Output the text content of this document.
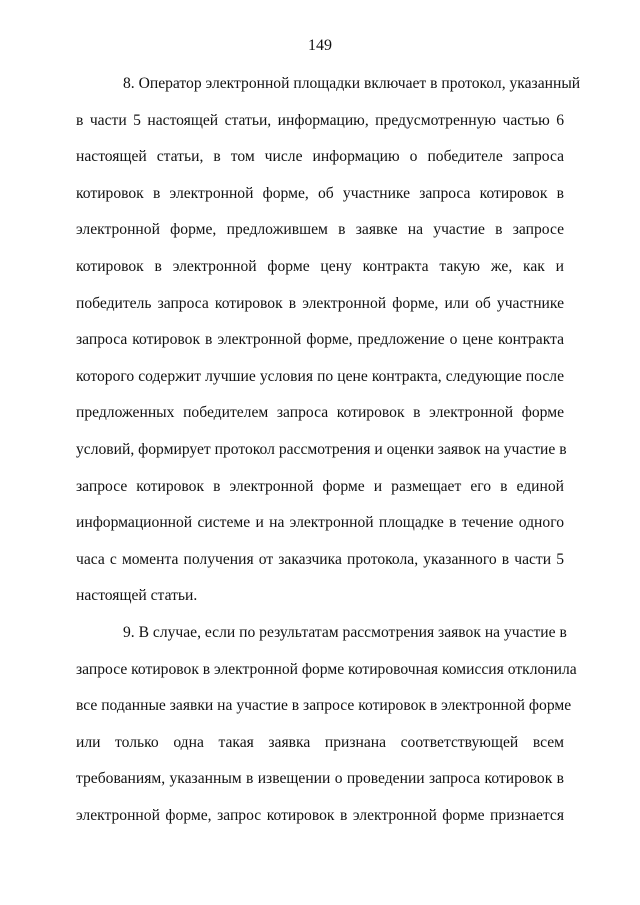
149
8. Оператор электронной площадки включает в протокол, указанный
в части 5 настоящей статьи, информацию, предусмотренную частью 6
настоящей статьи, в том числе информацию о победителе запроса
котировок в электронной форме, об участнике запроса котировок в
электронной форме, предложившем в заявке на участие в запросе
котировок в электронной форме цену контракта такую же, как и
победитель запроса котировок в электронной форме, или об участнике
запроса котировок в электронной форме, предложение о цене контракта
которого содержит лучшие условия по цене контракта, следующие после
предложенных победителем запроса котировок в электронной форме
условий, формирует протокол рассмотрения и оценки заявок на участие в
запросе котировок в электронной форме и размещает его в единой
информационной системе и на электронной площадке в течение одного
часа с момента получения от заказчика протокола, указанного в части 5
настоящей статьи.
9. В случае, если по результатам рассмотрения заявок на участие в
запросе котировок в электронной форме котировочная комиссия отклонила
все поданные заявки на участие в запросе котировок в электронной форме
или только одна такая заявка признана соответствующей всем
требованиям, указанным в извещении о проведении запроса котировок в
электронной форме, запрос котировок в электронной форме признается
